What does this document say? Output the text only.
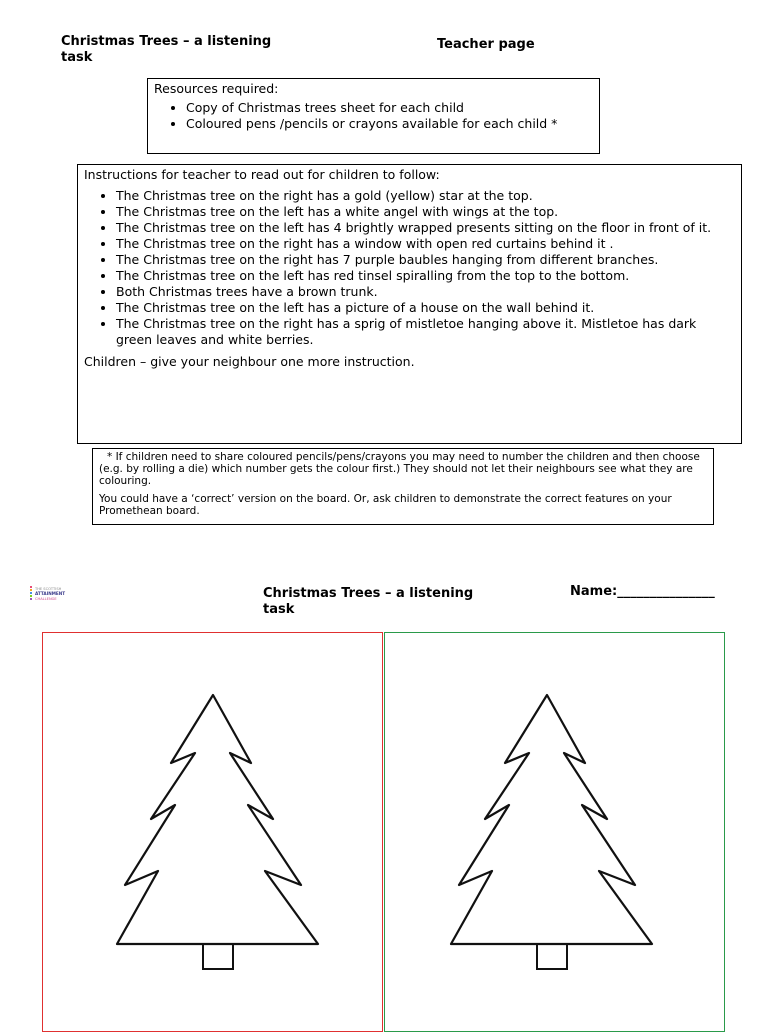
Christmas Trees – a listening task
Teacher page
Resources required:
• Copy of Christmas trees sheet for each child
• Coloured pens /pencils or crayons available for each child *
Instructions for teacher to read out for children to follow:
• The Christmas tree on the right has a gold (yellow) star at the top.
• The Christmas tree on the left has a white angel with wings at the top.
• The Christmas tree on the left has 4 brightly wrapped presents sitting on the floor in front of it.
• The Christmas tree on the right has a window with open red curtains behind it .
• The Christmas tree on the right has 7 purple baubles hanging from different branches.
• The Christmas tree on the left has red tinsel spiralling from the top to the bottom.
• Both Christmas trees have a brown trunk.
• The Christmas tree on the left has a picture of a house on the wall behind it.
• The Christmas tree on the right has a sprig of mistletoe hanging above it. Mistletoe has dark green leaves and white berries.

Children – give your neighbour one more instruction.

* If children need to share coloured pencils/pens/crayons you may need to number the children and then choose (e.g. by rolling a die) which number gets the colour first.) They should not let their neighbours see what they are colouring.

You could have a ‘correct’ version on the board. Or, ask children to demonstrate the correct features on your Promethean board.

THE SCOTTISH
ATTAINMENT
CHALLENGE	Christmas Trees – a listening task
Name:_______________
